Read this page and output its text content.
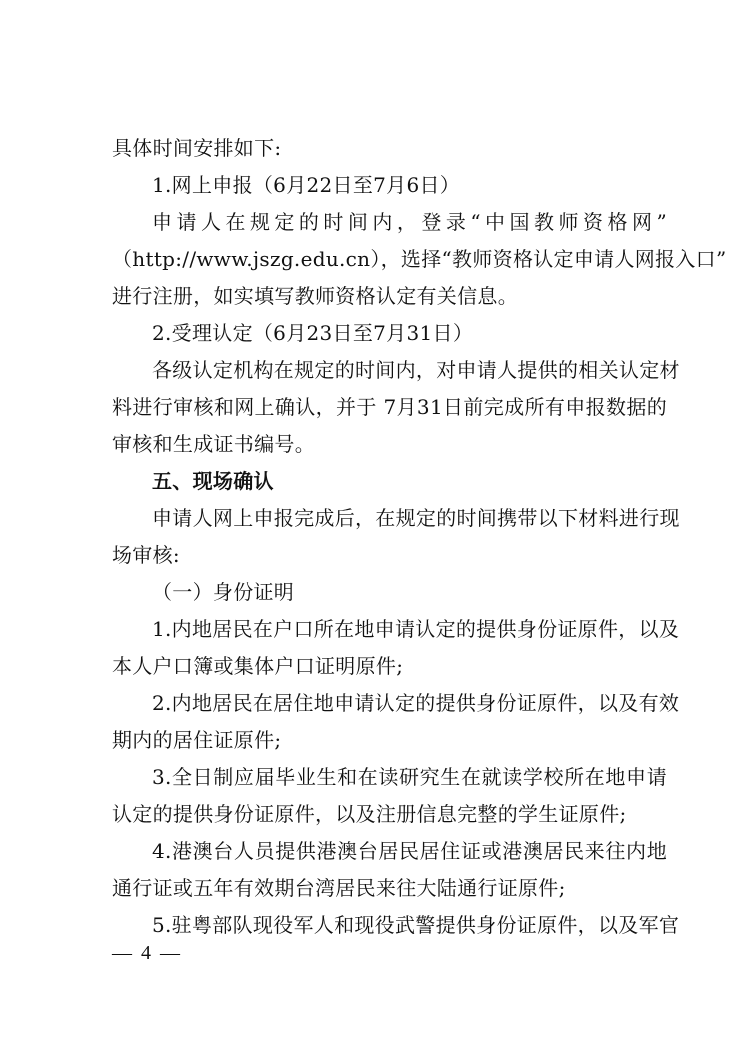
具体时间安排如下:
1.网上申报（6月22日至7月6日）
申请人在规定的时间内，登录“中国教师资格网”
（http://www.jszg.edu.cn），选择“教师资格认定申请人网报入口”
进行注册，如实填写教师资格认定有关信息。
2.受理认定（6月23日至7月31日）
各级认定机构在规定的时间内，对申请人提供的相关认定材
料进行审核和网上确认，并于 7月31日前完成所有申报数据的
审核和生成证书编号。
五、现场确认
申请人网上申报完成后，在规定的时间携带以下材料进行现
场审核:
（一）身份证明
1.内地居民在户口所在地申请认定的提供身份证原件，以及
本人户口簿或集体户口证明原件;
2.内地居民在居住地申请认定的提供身份证原件，以及有效
期内的居住证原件;
3.全日制应届毕业生和在读研究生在就读学校所在地申请
认定的提供身份证原件，以及注册信息完整的学生证原件;
4.港澳台人员提供港澳台居民居住证或港澳居民来往内地
通行证或五年有效期台湾居民来往大陆通行证原件;
5.驻粤部队现役军人和现役武警提供身份证原件，以及军官
— 4 —
